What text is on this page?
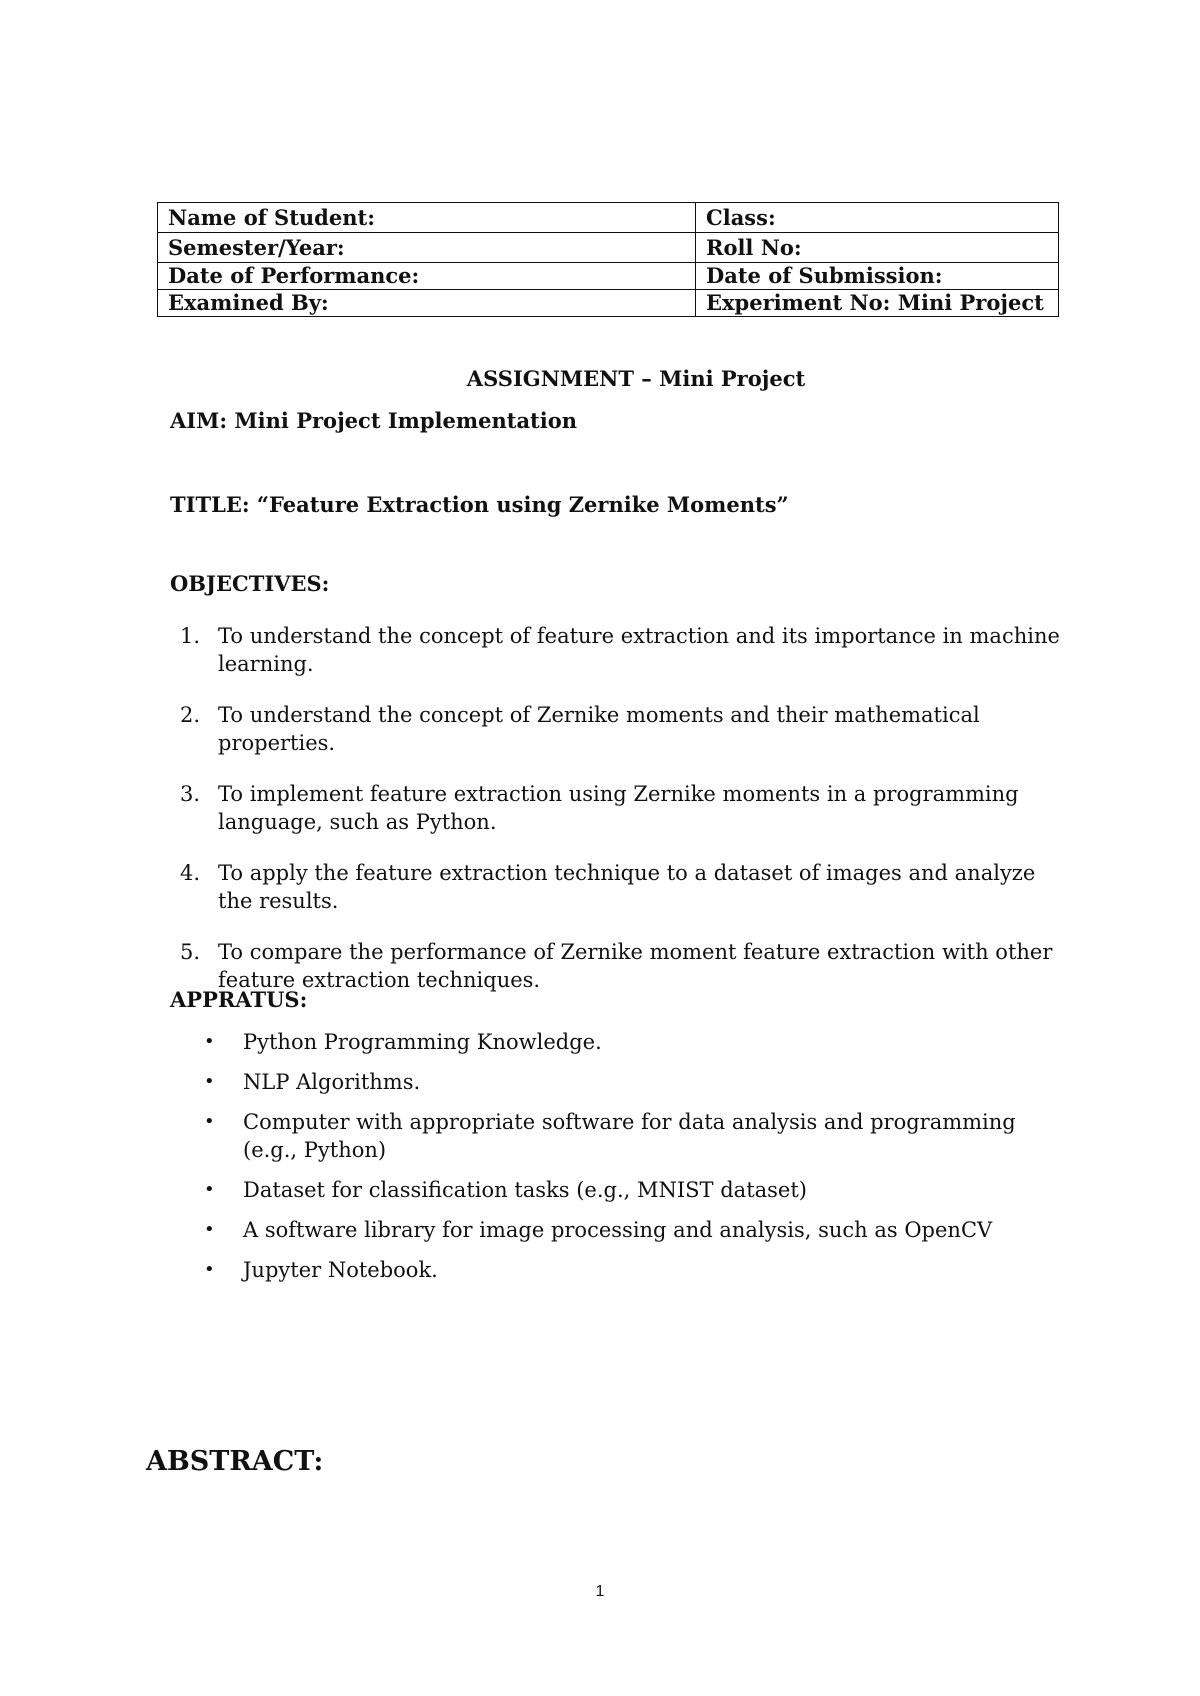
Name of Student:	Class:
Semester/Year:	Roll No:
Date of Performance:	Date of Submission:
Examined By:	Experiment No: Mini Project
ASSIGNMENT – Mini Project
AIM: Mini Project Implementation
TITLE: “Feature Extraction using Zernike Moments”
OBJECTIVES:
1. To understand the concept of feature extraction and its importance in machine learning.
2. To understand the concept of Zernike moments and their mathematical properties.
3. To implement feature extraction using Zernike moments in a programming language, such as Python.
4. To apply the feature extraction technique to a dataset of images and analyze the results.
5. To compare the performance of Zernike moment feature extraction with other feature extraction techniques.
APPRATUS:
• Python Programming Knowledge.
• NLP Algorithms.
• Computer with appropriate software for data analysis and programming (e.g., Python)
• Dataset for classification tasks (e.g., MNIST dataset)
• A software library for image processing and analysis, such as OpenCV
• Jupyter Notebook.
ABSTRACT:
1
